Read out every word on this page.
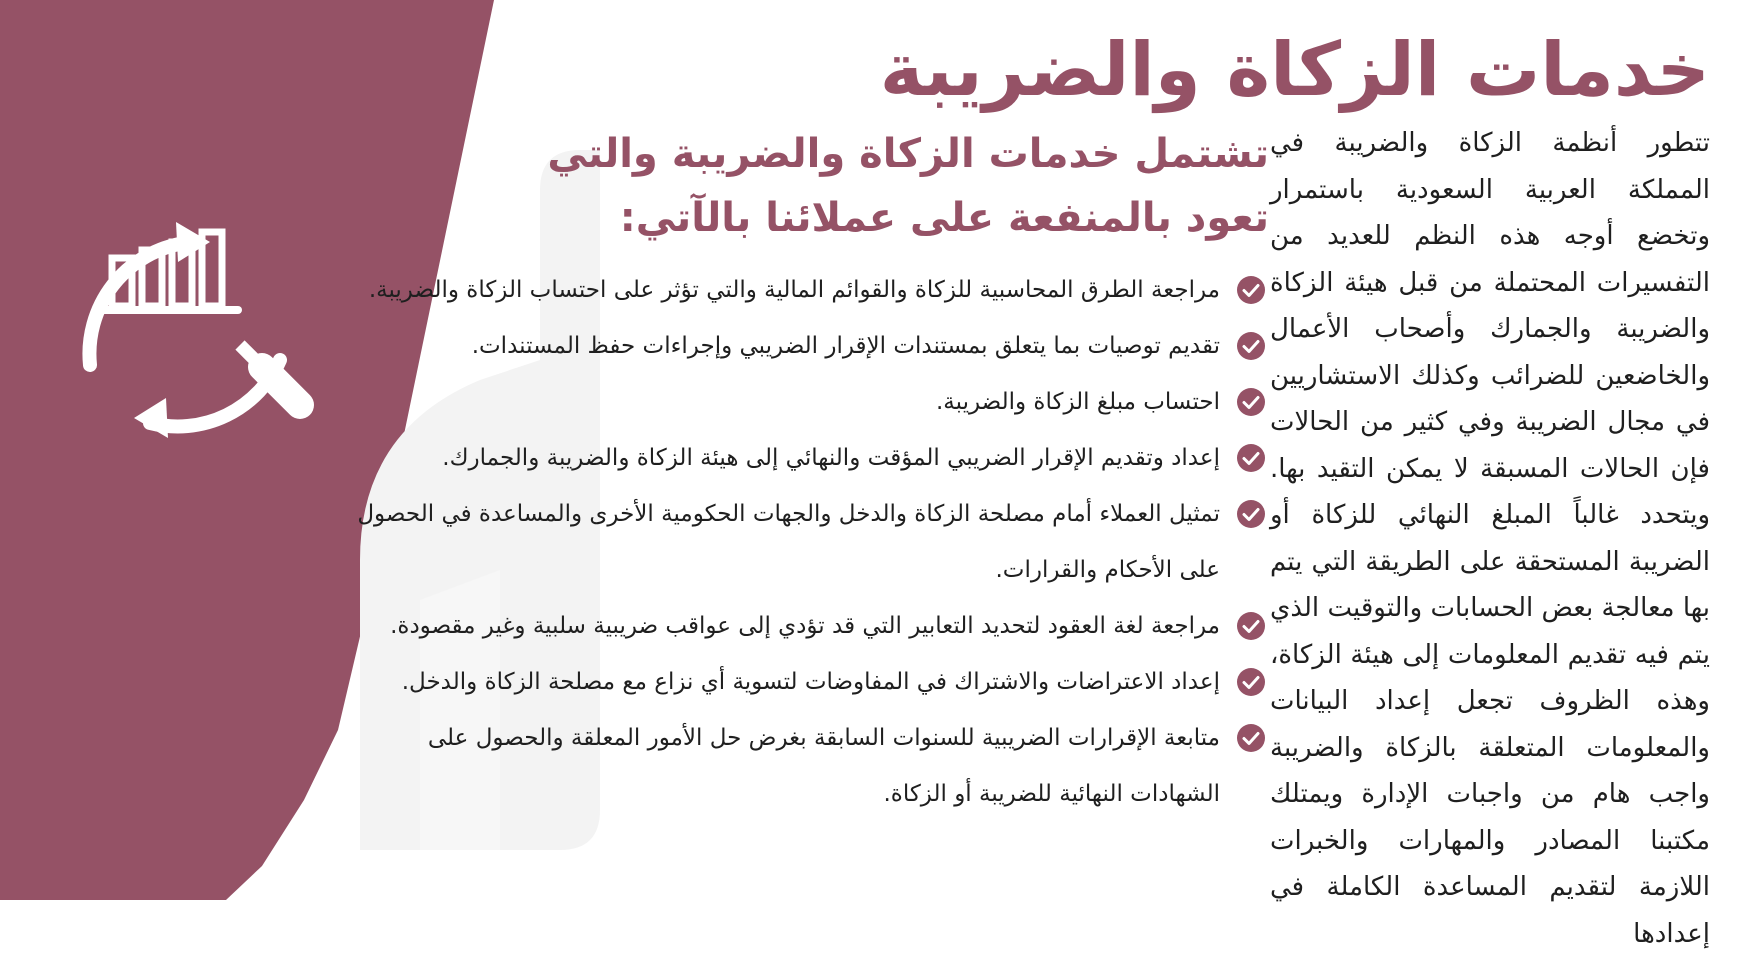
خدمات الزكاة والضريبة

تتطور أنظمة الزكاة والضريبة في المملكة العربية السعودية باستمرار وتخضع أوجه هذه النظم للعديد من التفسيرات المحتملة من قبل هيئة الزكاة والضريبة والجمارك وأصحاب الأعمال والخاضعين للضرائب وكذلك الاستشاريين في مجال الضريبة وفي كثير من الحالات فإن الحالات المسبقة لا يمكن التقيد بها. ويتحدد غالباً المبلغ النهائي للزكاة أو الضريبة المستحقة على الطريقة التي يتم بها معالجة بعض الحسابات والتوقيت الذي يتم فيه تقديم المعلومات إلى هيئة الزكاة، وهذه الظروف تجعل إعداد البيانات والمعلومات المتعلقة بالزكاة والضريبة واجب هام من واجبات الإدارة ويمتلك مكتبنا المصادر والمهارات والخبرات اللازمة لتقديم المساعدة الكاملة في إعدادها

تشتمل خدمات الزكاة والضريبة والتي تعود بالمنفعة على عملائنا بالآتي:
مراجعة الطرق المحاسبية للزكاة والقوائم المالية والتي تؤثر على احتساب الزكاة والضريبة.
تقديم توصيات بما يتعلق بمستندات الإقرار الضريبي وإجراءات حفظ المستندات.
احتساب مبلغ الزكاة والضريبة.
إعداد وتقديم الإقرار الضريبي المؤقت والنهائي إلى هيئة الزكاة والضريبة والجمارك.
تمثيل العملاء أمام مصلحة الزكاة والدخل والجهات الحكومية الأخرى والمساعدة في الحصول على الأحكام والقرارات.
مراجعة لغة العقود لتحديد التعابير التي قد تؤدي إلى عواقب ضريبية سلبية وغير مقصودة.
إعداد الاعتراضات والاشتراك في المفاوضات لتسوية أي نزاع مع مصلحة الزكاة والدخل.
متابعة الإقرارات الضريبية للسنوات السابقة بغرض حل الأمور المعلقة والحصول على الشهادات النهائية للضريبة أو الزكاة.
